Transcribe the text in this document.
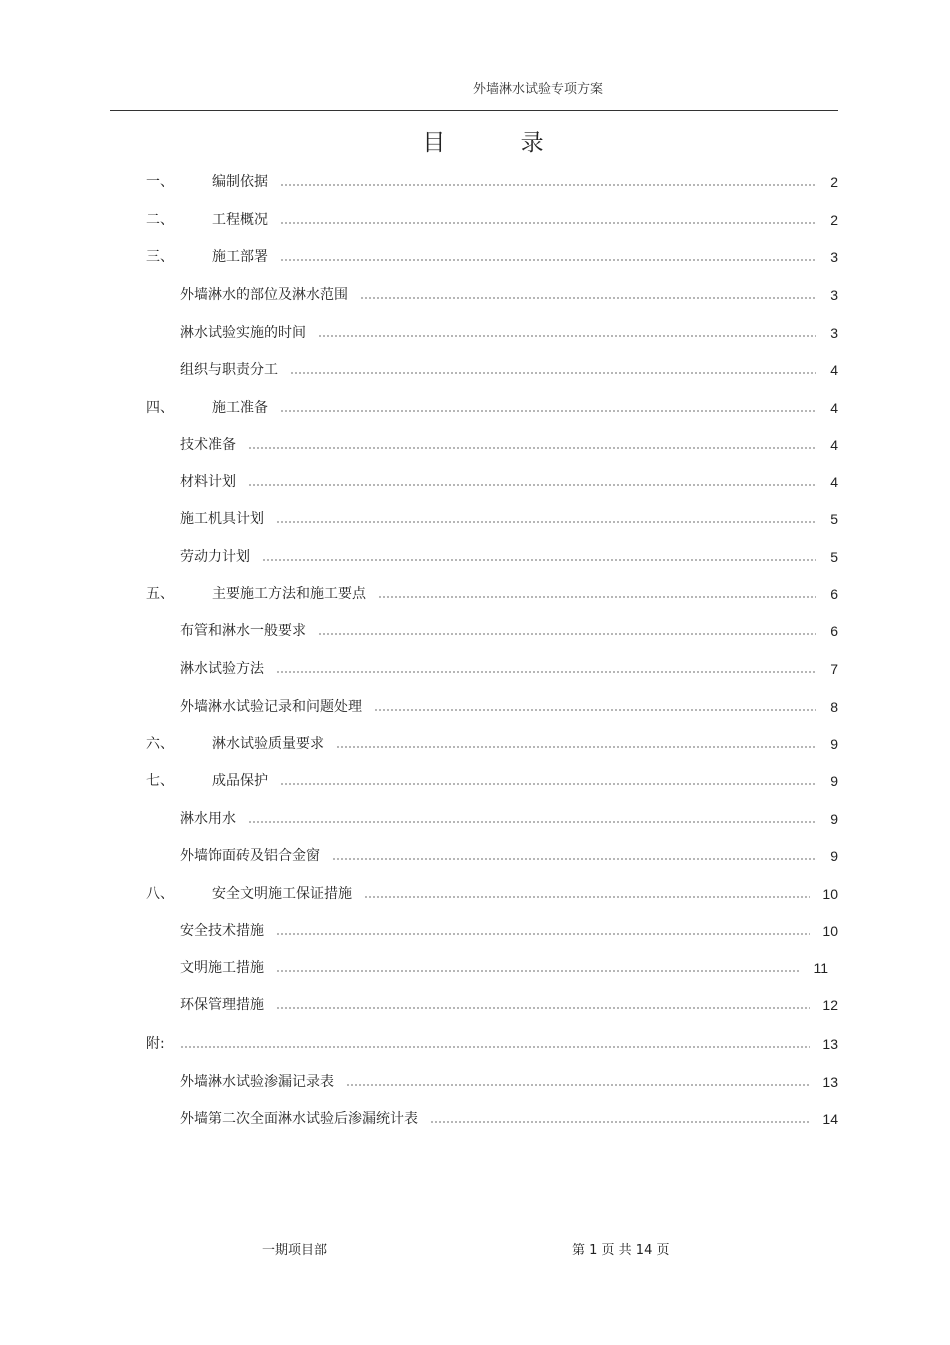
外墙淋水试验专项方案
目 录
一、	编制依据	2
二、	工程概况	2
三、	施工部署	3
外墙淋水的部位及淋水范围	3
淋水试验实施的时间	3
组织与职责分工	4
四、	施工准备	4
技术准备	4
材料计划	4
施工机具计划	5
劳动力计划	5
五、	主要施工方法和施工要点	6
布管和淋水一般要求	6
淋水试验方法	7
外墙淋水试验记录和问题处理	8
六、	淋水试验质量要求	9
七、	成品保护	9
淋水用水	9
外墙饰面砖及铝合金窗	9
八、	安全文明施工保证措施	10
安全技术措施	10
文明施工措施	11
环保管理措施	12
附:	13
外墙淋水试验渗漏记录表	13
外墙第二次全面淋水试验后渗漏统计表	14
一期项目部	第 1 页 共 14 页
